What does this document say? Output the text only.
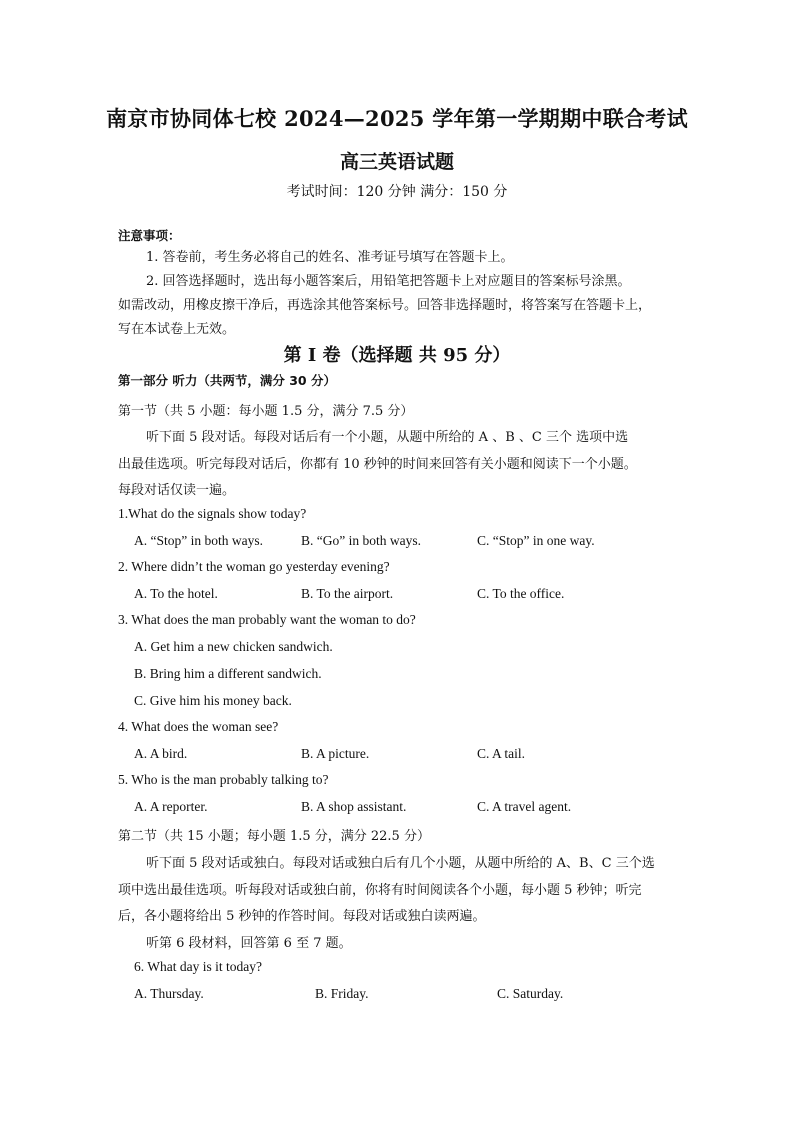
南京市协同体七校 2024—2025 学年第一学期期中联合考试
高三英语试题
考试时间：120 分钟 满分：150 分
注意事项：
1. 答卷前，考生务必将自己的姓名、准考证号填写在答题卡上。
2. 回答选择题时，选出每小题答案后，用铅笔把答题卡上对应题目的答案标号涂黑。
如需改动，用橡皮擦干净后，再选涂其他答案标号。回答非选择题时，将答案写在答题卡上，
写在本试卷上无效。
第 I 卷（选择题 共 95 分）
第一部分 听力（共两节，满分 30 分）
第一节（共 5 小题：每小题 1.5 分，满分 7.5 分）
听下面 5 段对话。每段对话后有一个小题，从题中所给的 A 、B 、C 三个 选项中选
出最佳选项。听完每段对话后，你都有 10 秒钟的时间来回答有关小题和阅读下一个小题。
每段对话仅读一遍。
1.What do the signals show today?
A. “Stop” in both ways.	B. “Go” in both ways.	C. “Stop” in one way.
2. Where didn’t the woman go yesterday evening?
A. To the hotel.	B. To the airport.	C. To the office.
3. What does the man probably want the woman to do?
A. Get him a new chicken sandwich.
B. Bring him a different sandwich.
C. Give him his money back.
4. What does the woman see?
A. A bird.	B. A picture.	C. A tail.
5. Who is the man probably talking to?
A. A reporter.	B. A shop assistant.	C. A travel agent.
第二节（共 15 小题；每小题 1.5 分，满分 22.5 分）
听下面 5 段对话或独白。每段对话或独白后有几个小题，从题中所给的 A、B、C 三个选
项中选出最佳选项。听每段对话或独白前，你将有时间阅读各个小题，每小题 5 秒钟；听完
后，各小题将给出 5 秒钟的作答时间。每段对话或独白读两遍。
听第 6 段材料，回答第 6 至 7 题。
6. What day is it today?
A. Thursday.	B. Friday.	C. Saturday.
